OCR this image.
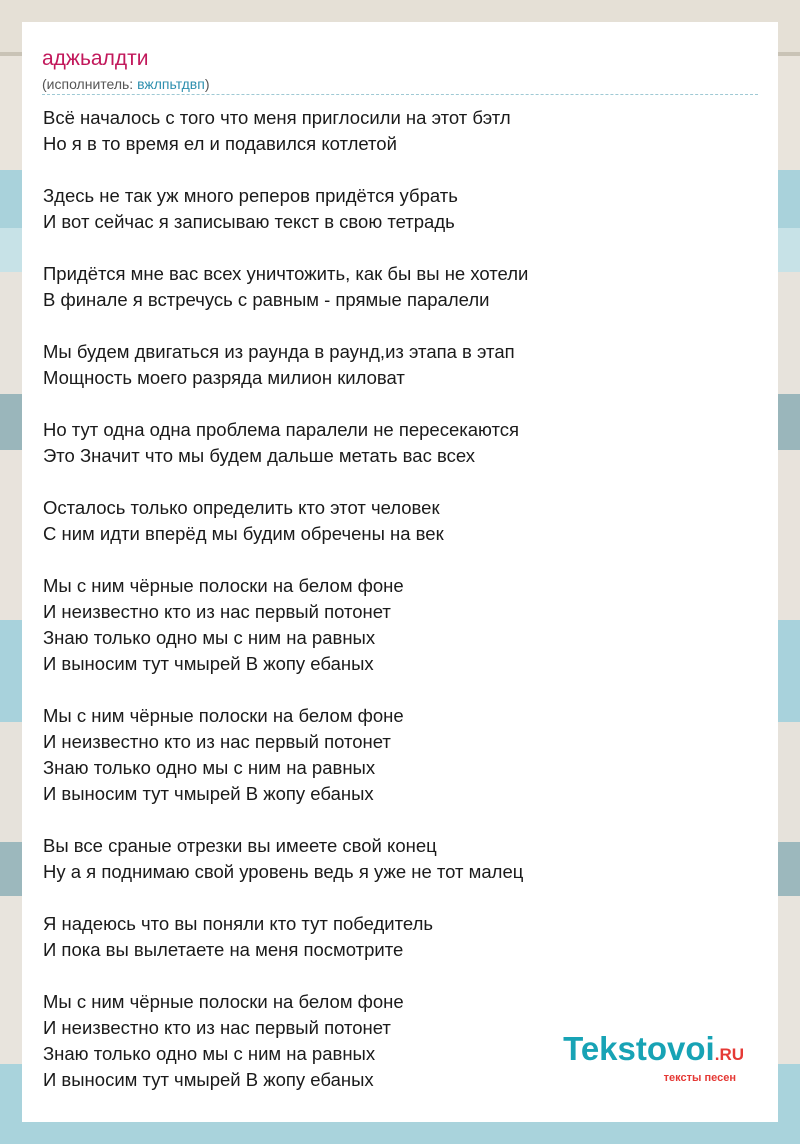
аджьалдти
(исполнитель: вжлпьтдвп)
Всё началось с того что меня приглосили на этот бэтл
Но я в то время ел и подавился котлетой
Здесь не так уж много реперов придётся убрать
И вот сейчас я записываю текст в свою тетрадь
Придётся мне вас всех уничтожить, как бы вы не хотели
В финале я встречусь с равным - прямые паралели
Мы будем двигаться из раунда в раунд,из этапа в этап
Мощность моего разряда милион киловат
Но тут одна одна проблема паралели не пересекаются
Это Значит что мы будем дальше метать вас всех
Осталось только определить кто этот человек
С ним идти вперёд мы будим обречены на век
Мы с ним чёрные полоски на белом фоне
И неизвестно кто из нас первый потонет
Знаю только одно мы с ним на равных
И выносим тут чмырей В жопу ебаных
Мы с ним чёрные полоски на белом фоне
И неизвестно кто из нас первый потонет
Знаю только одно мы с ним на равных
И выносим тут чмырей В жопу ебаных
Вы все сраные отрезки вы имеете свой конец
Ну а я поднимаю свой уровень ведь я уже не тот малец
Я надеюсь что вы поняли кто тут победитель
И пока вы вылетаете на меня посмотрите
Мы с ним чёрные полоски на белом фоне
И неизвестно кто из нас первый потонет
Знаю только одно мы с ним на равных
И выносим тут чмырей В жопу ебаных
Tekstovoi.RU
тексты песен
